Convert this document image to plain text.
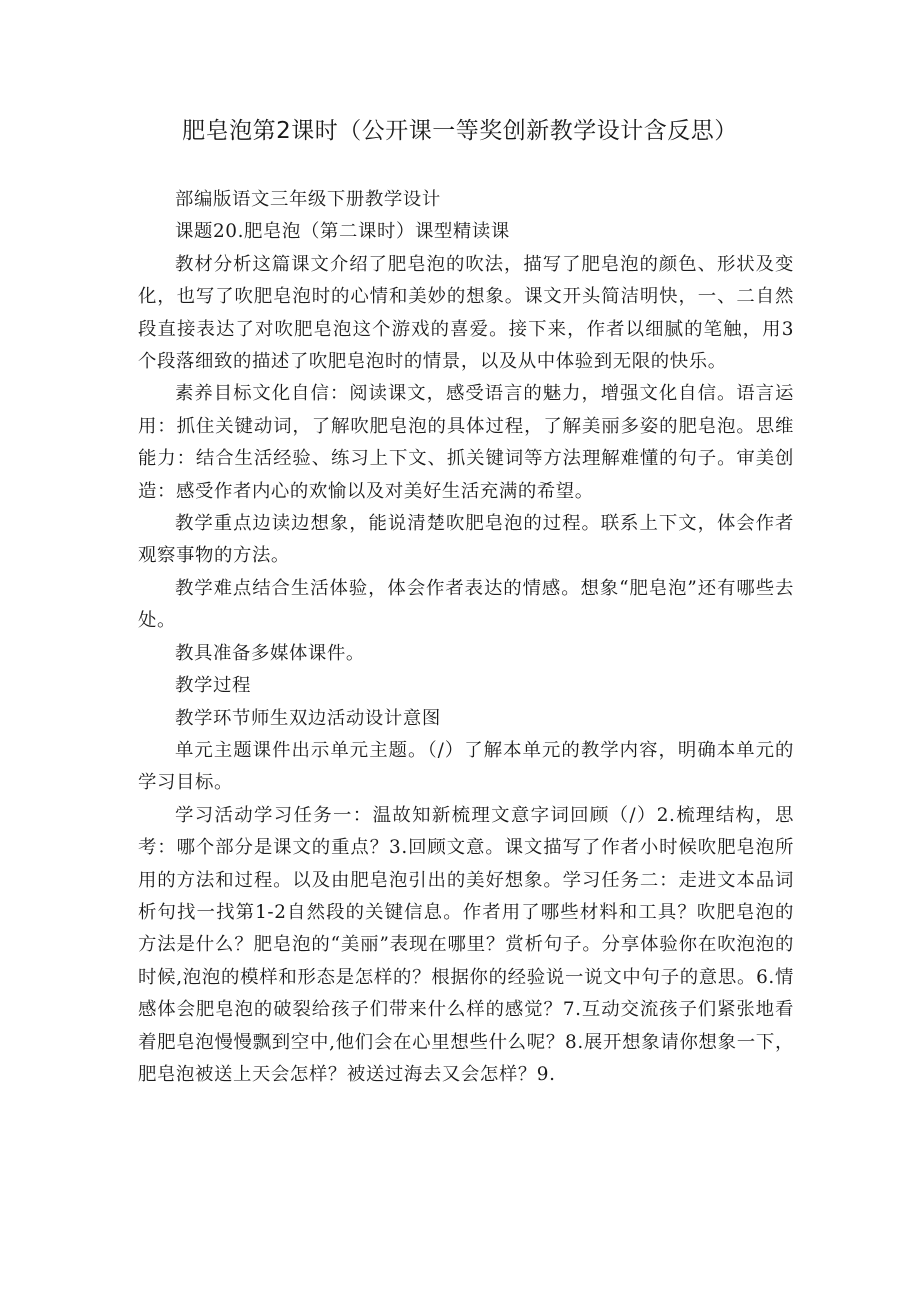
肥皂泡第2课时（公开课一等奖创新教学设计含反思）

部编版语文三年级下册教学设计

课题20.肥皂泡（第二课时）课型精读课

教材分析这篇课文介绍了肥皂泡的吹法，描写了肥皂泡的颜色、形状及变化，也写了吹肥皂泡时的心情和美妙的想象。课文开头简洁明快，一、二自然段直接表达了对吹肥皂泡这个游戏的喜爱。接下来，作者以细腻的笔触，用3个段落细致的描述了吹肥皂泡时的情景，以及从中体验到无限的快乐。

素养目标文化自信：阅读课文，感受语言的魅力，增强文化自信。语言运用：抓住关键动词，了解吹肥皂泡的具体过程，了解美丽多姿的肥皂泡。思维能力：结合生活经验、练习上下文、抓关键词等方法理解难懂的句子。审美创造：感受作者内心的欢愉以及对美好生活充满的希望。

教学重点边读边想象，能说清楚吹肥皂泡的过程。联系上下文，体会作者观察事物的方法。

教学难点结合生活体验，体会作者表达的情感。想象“肥皂泡”还有哪些去处。

教具准备多媒体课件。

教学过程

教学环节师生双边活动设计意图

单元主题课件出示单元主题。（/）了解本单元的教学内容，明确本单元的学习目标。

学习活动学习任务一：温故知新梳理文意字词回顾（/）2.梳理结构，思考：哪个部分是课文的重点？3.回顾文意。课文描写了作者小时候吹肥皂泡所用的方法和过程。以及由肥皂泡引出的美好想象。学习任务二：走进文本品词析句找一找第1-2自然段的关键信息。作者用了哪些材料和工具？吹肥皂泡的方法是什么？肥皂泡的“美丽”表现在哪里？赏析句子。分享体验你在吹泡泡的时候,泡泡的模样和形态是怎样的？根据你的经验说一说文中句子的意思。6.情感体会肥皂泡的破裂给孩子们带来什么样的感觉？7.互动交流孩子们紧张地看着肥皂泡慢慢飘到空中,他们会在心里想些什么呢？8.展开想象请你想象一下，肥皂泡被送上天会怎样？被送过海去又会怎样？9.
